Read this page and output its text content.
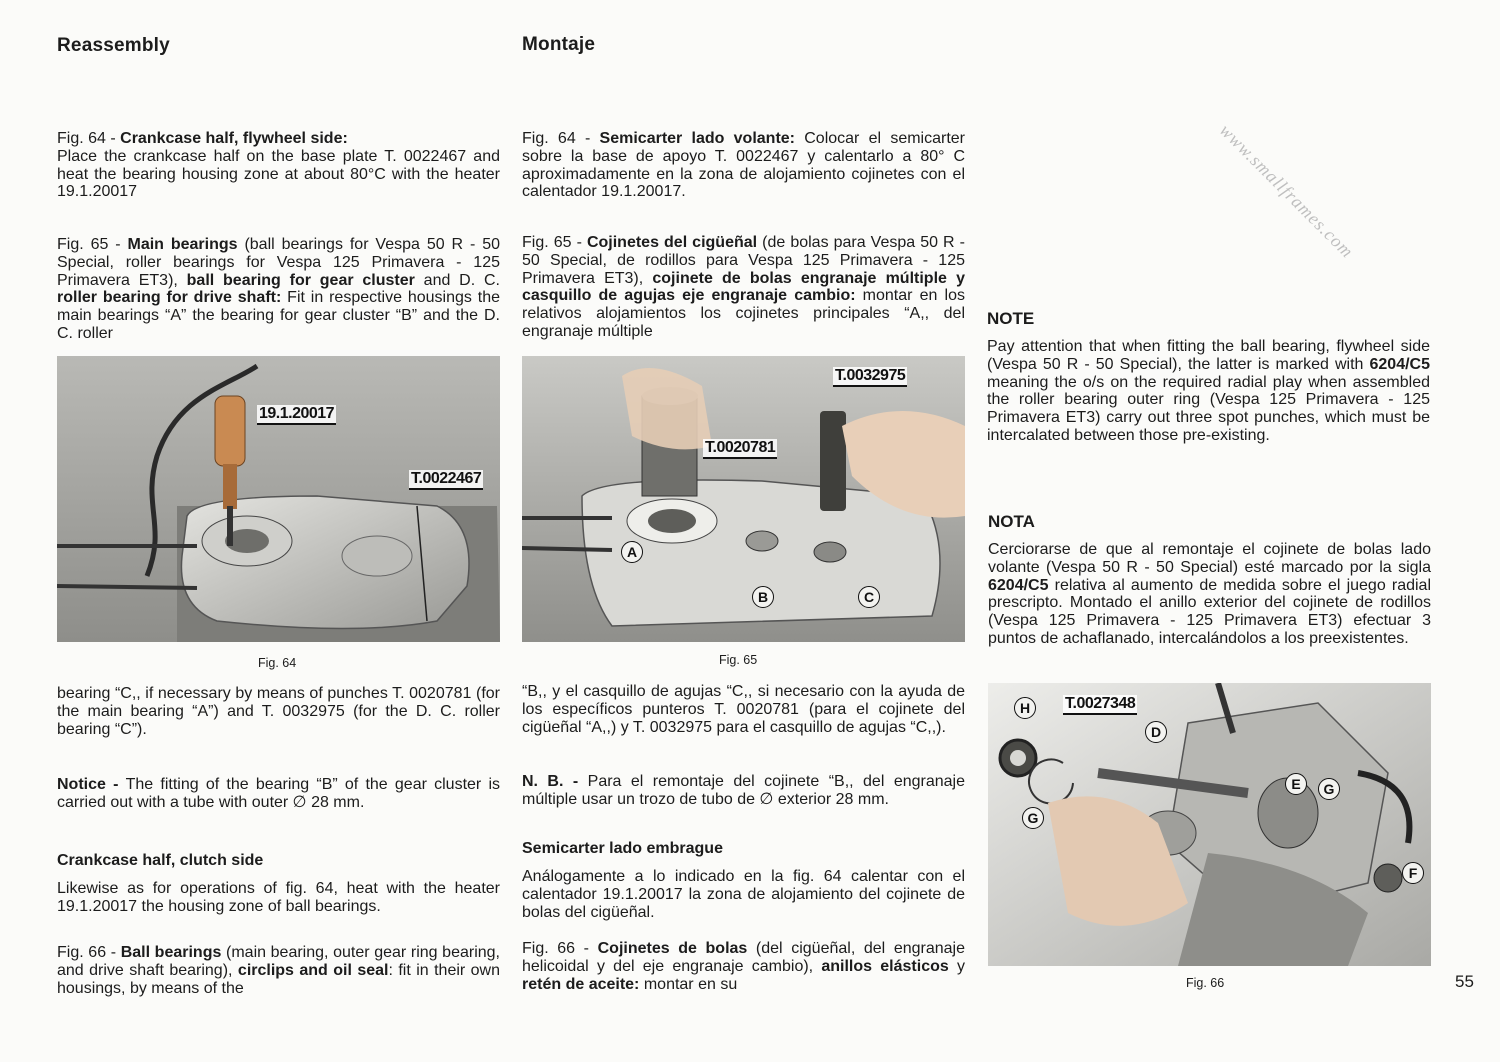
Reassembly
Fig. 64 - Crankcase half, flywheel side:
Place the crankcase half on the base plate T. 0022467 and heat the bearing housing zone at about 80°C with the heater 19.1.20017
Fig. 65 - Main bearings (ball bearings for Vespa 50 R - 50 Special, roller bearings for Vespa 125 Primavera - 125 Primavera ET3), ball bearing for gear cluster and D. C. roller bearing for drive shaft: Fit in respective housings the main bearings “A” the bearing for gear cluster “B” and the D. C. roller
19.1.20017
T.0022467
Fig. 64
bearing “C,, if necessary by means of punches T. 0020781 (for the main bearing “A”) and T. 0032975 (for the D. C. roller bearing “C”).
Notice - The fitting of the bearing “B” of the gear cluster is carried out with a tube with outer ∅ 28 mm.
Crankcase half, clutch side
Likewise as for operations of fig. 64, heat with the heater 19.1.20017 the housing zone of ball bearings.
Fig. 66 - Ball bearings (main bearing, outer gear ring bearing, and drive shaft bearing), circlips and oil seal: fit in their own housings, by means of the
Montaje
Fig. 64 - Semicarter lado volante: Colocar el semicarter sobre la base de apoyo T. 0022467 y calentarlo a 80° C aproximadamente en la zona de alojamiento cojinetes con el calentador 19.1.20017.
Fig. 65 - Cojinetes del cigüeñal (de bolas para Vespa 50 R - 50 Special, de rodillos para Vespa 125 Primavera - 125 Primavera ET3), cojinete de bolas engranaje múltiple y casquillo de agujas eje engranaje cambio: montar en los relativos alojamientos los cojinetes principales “A,, del engranaje múltiple
T.0032975
T.0020781
A
B	C
Fig. 65
“B,, y el casquillo de agujas “C,, si necesario con la ayuda de los específicos punteros T. 0020781 (para el cojinete del cigüeñal “A,,) y T. 0032975 para el casquillo de agujas “C,,).
N. B. - Para el remontaje del cojinete “B,, del engranaje múltiple usar un trozo de tubo de ∅ exterior 28 mm.
Semicarter lado embrague
Análogamente a lo indicado en la fig. 64 calentar con el calentador 19.1.20017 la zona de alojamiento del cojinete de bolas del cigüeñal.
Fig. 66 - Cojinetes de bolas (del cigüeñal, del engranaje helicoidal y del eje engranaje cambio), anillos elásticos y retén de aceite: montar en su
www.smallframes.com
NOTE
Pay attention that when fitting the ball bearing, flywheel side (Vespa 50 R - 50 Special), the latter is marked with 6204/C5 meaning the o/s on the required radial play when assembled the roller bearing outer ring (Vespa 125 Primavera - 125 Primavera ET3) carry out three spot punches, which must be intercalated between those pre-existing.
NOTA
Cerciorarse de que al remontaje el cojinete de bolas lado volante (Vespa 50 R - 50 Special) esté marcado por la sigla 6204/C5 relativa al aumento de medida sobre el juego radial prescripto. Montado el anillo exterior del cojinete de rodillos (Vespa 125 Primavera - 125 Primavera ET3) efectuar 3 puntos de achaflanado, intercalándolos a los preexistentes.
H	T.0027348
D
E	G
G
F
Fig. 66	55
